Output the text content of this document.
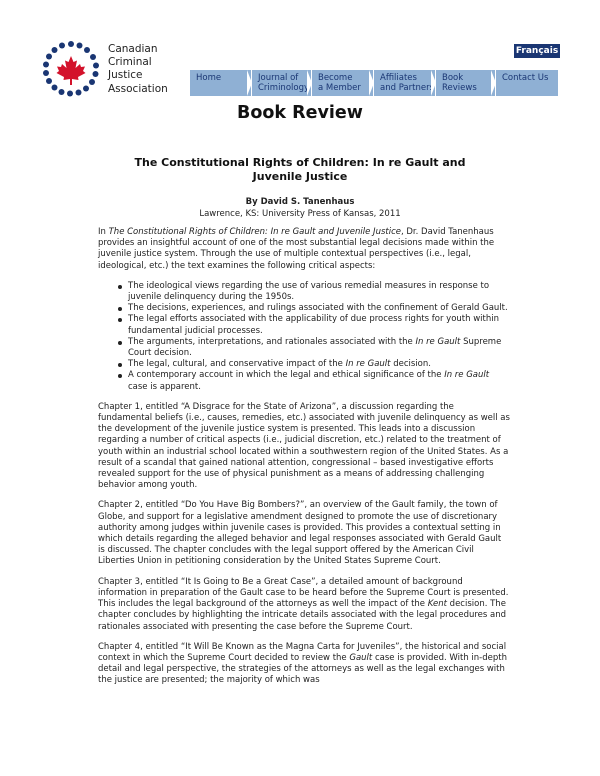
Canadian
Criminal
Justice
Association
Français
Home	Journal of
Criminology
Become
a Member
Affiliates
and Partners
Book
Reviews
Contact Us
Book Review
The Constitutional Rights of Children: In re Gault and Juvenile Justice
By David S. Tanenhaus
Lawrence, KS: University Press of Kansas, 2011

In The Constitutional Rights of Children: In re Gault and Juvenile Justice, Dr. David Tanenhaus provides an insightful account of one of the most substantial legal decisions made within the juvenile justice system. Through the use of multiple contextual perspectives (i.e., legal, ideological, etc.) the text examines the following critical aspects:

The ideological views regarding the use of various remedial measures in response to juvenile delinquency during the 1950s.
The decisions, experiences, and rulings associated with the confinement of Gerald Gault.
The legal efforts associated with the applicability of due process rights for youth within fundamental judicial processes.
The arguments, interpretations, and rationales associated with the In re Gault Supreme Court decision.
The legal, cultural, and conservative impact of the In re Gault decision.
A contemporary account in which the legal and ethical significance of the In re Gault case is apparent.

Chapter 1, entitled “A Disgrace for the State of Arizona”, a discussion regarding the fundamental beliefs (i.e., causes, remedies, etc.) associated with juvenile delinquency as well as the development of the juvenile justice system is presented. This leads into a discussion regarding a number of critical aspects (i.e., judicial discretion, etc.) related to the treatment of youth within an industrial school located within a southwestern region of the United States. As a result of a scandal that gained national attention, congressional – based investigative efforts revealed support for the use of physical punishment as a means of addressing challenging behavior among youth.

Chapter 2, entitled “Do You Have Big Bombers?”, an overview of the Gault family, the town of Globe, and support for a legislative amendment designed to promote the use of discretionary authority among judges within juvenile cases is provided. This provides a contextual setting in which details regarding the alleged behavior and legal responses associated with Gerald Gault is discussed. The chapter concludes with the legal support offered by the American Civil Liberties Union in petitioning consideration by the United States Supreme Court.

Chapter 3, entitled “It Is Going to Be a Great Case”, a detailed amount of background information in preparation of the Gault case to be heard before the Supreme Court is presented. This includes the legal background of the attorneys as well the impact of the Kent decision. The chapter concludes by highlighting the intricate details associated with the legal procedures and rationales associated with presenting the case before the Supreme Court.

Chapter 4, entitled “It Will Be Known as the Magna Carta for Juveniles”, the historical and social context in which the Supreme Court decided to review the Gault case is provided. With in-depth detail and legal perspective, the strategies of the attorneys as well as the legal exchanges with the justice are presented; the majority of which was
